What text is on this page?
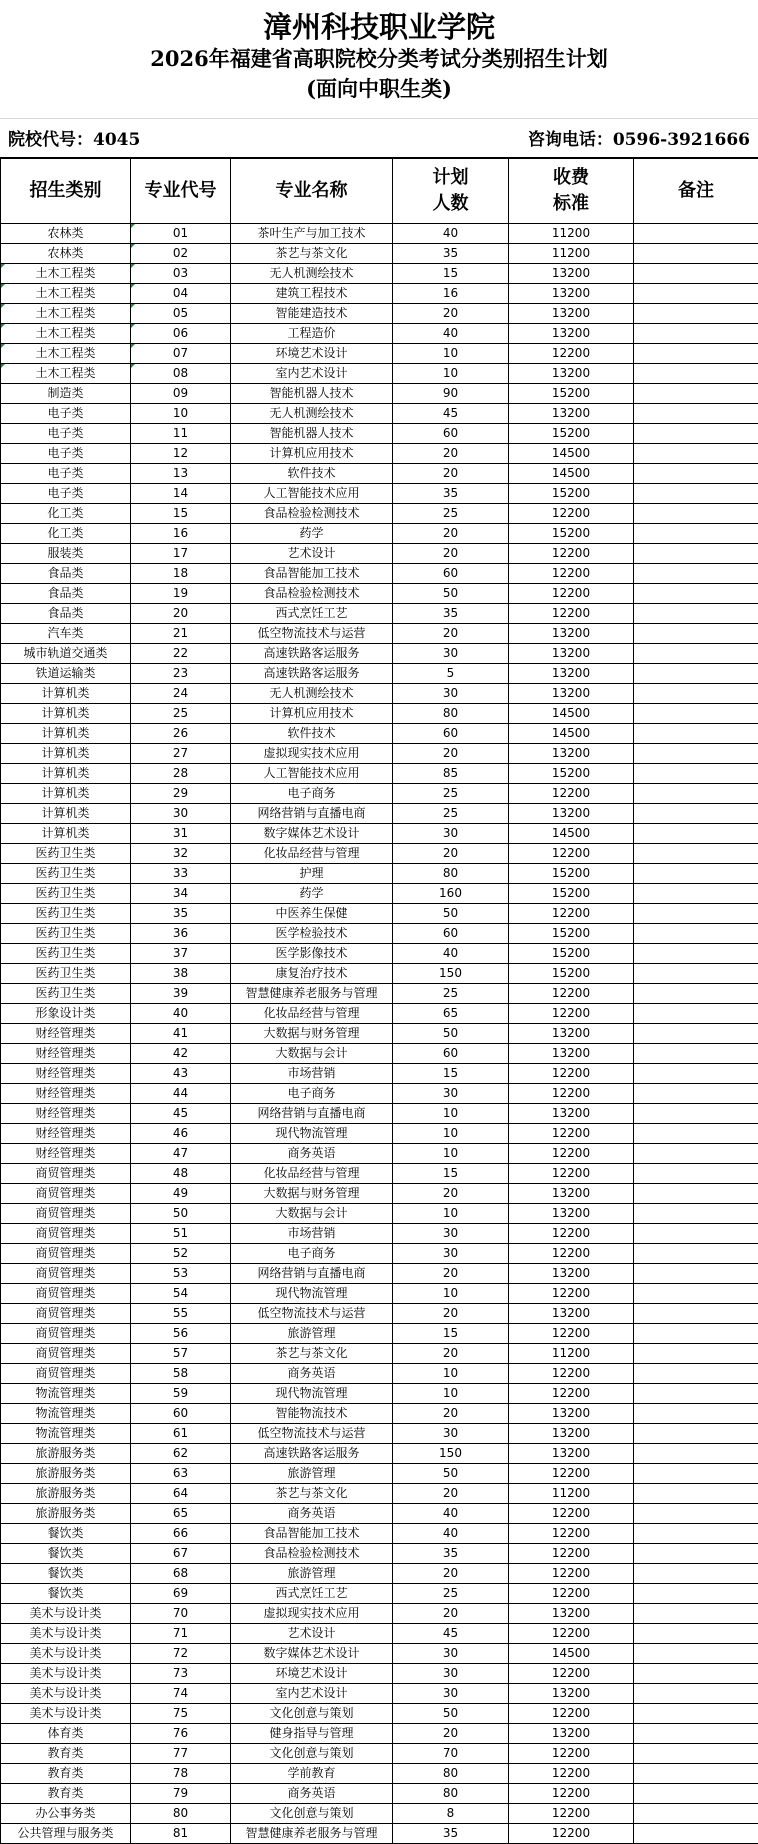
漳州科技职业学院
2026年福建省高职院校分类考试分类别招生计划
(面向中职生类)
院校代号：4045	咨询电话：0596-3921666
招生类别	专业代号	专业名称	计划人数	收费标准	备注
农林类	01	茶叶生产与加工技术	40	11200	
农林类	02	茶艺与茶文化	35	11200	
土木工程类	03	无人机测绘技术	15	13200	
土木工程类	04	建筑工程技术	16	13200	
土木工程类	05	智能建造技术	20	13200	
土木工程类	06	工程造价	40	13200	
土木工程类	07	环境艺术设计	10	12200	
土木工程类	08	室内艺术设计	10	13200	
制造类	09	智能机器人技术	90	15200	
电子类	10	无人机测绘技术	45	13200	
电子类	11	智能机器人技术	60	15200	
电子类	12	计算机应用技术	20	14500	
电子类	13	软件技术	20	14500	
电子类	14	人工智能技术应用	35	15200	
化工类	15	食品检验检测技术	25	12200	
化工类	16	药学	20	15200	
服装类	17	艺术设计	20	12200	
食品类	18	食品智能加工技术	60	12200	
食品类	19	食品检验检测技术	50	12200	
食品类	20	西式烹饪工艺	35	12200	
汽车类	21	低空物流技术与运营	20	13200	
城市轨道交通类	22	高速铁路客运服务	30	13200	
铁道运输类	23	高速铁路客运服务	5	13200	
计算机类	24	无人机测绘技术	30	13200	
计算机类	25	计算机应用技术	80	14500	
计算机类	26	软件技术	60	14500	
计算机类	27	虚拟现实技术应用	20	13200	
计算机类	28	人工智能技术应用	85	15200	
计算机类	29	电子商务	25	12200	
计算机类	30	网络营销与直播电商	25	13200	
计算机类	31	数字媒体艺术设计	30	14500	
医药卫生类	32	化妆品经营与管理	20	12200	
医药卫生类	33	护理	80	15200	
医药卫生类	34	药学	160	15200	
医药卫生类	35	中医养生保健	50	12200	
医药卫生类	36	医学检验技术	60	15200	
医药卫生类	37	医学影像技术	40	15200	
医药卫生类	38	康复治疗技术	150	15200	
医药卫生类	39	智慧健康养老服务与管理	25	12200	
形象设计类	40	化妆品经营与管理	65	12200	
财经管理类	41	大数据与财务管理	50	13200	
财经管理类	42	大数据与会计	60	13200	
财经管理类	43	市场营销	15	12200	
财经管理类	44	电子商务	30	12200	
财经管理类	45	网络营销与直播电商	10	13200	
财经管理类	46	现代物流管理	10	12200	
财经管理类	47	商务英语	10	12200	
商贸管理类	48	化妆品经营与管理	15	12200	
商贸管理类	49	大数据与财务管理	20	13200	
商贸管理类	50	大数据与会计	10	13200	
商贸管理类	51	市场营销	30	12200	
商贸管理类	52	电子商务	30	12200	
商贸管理类	53	网络营销与直播电商	20	13200	
商贸管理类	54	现代物流管理	10	12200	
商贸管理类	55	低空物流技术与运营	20	13200	
商贸管理类	56	旅游管理	15	12200	
商贸管理类	57	茶艺与茶文化	20	11200	
商贸管理类	58	商务英语	10	12200	
物流管理类	59	现代物流管理	10	12200	
物流管理类	60	智能物流技术	20	13200	
物流管理类	61	低空物流技术与运营	30	13200	
旅游服务类	62	高速铁路客运服务	150	13200	
旅游服务类	63	旅游管理	50	12200	
旅游服务类	64	茶艺与茶文化	20	11200	
旅游服务类	65	商务英语	40	12200	
餐饮类	66	食品智能加工技术	40	12200	
餐饮类	67	食品检验检测技术	35	12200	
餐饮类	68	旅游管理	20	12200	
餐饮类	69	西式烹饪工艺	25	12200	
美术与设计类	70	虚拟现实技术应用	20	13200	
美术与设计类	71	艺术设计	45	12200	
美术与设计类	72	数字媒体艺术设计	30	14500	
美术与设计类	73	环境艺术设计	30	12200	
美术与设计类	74	室内艺术设计	30	13200	
美术与设计类	75	文化创意与策划	50	12200	
体育类	76	健身指导与管理	20	13200	
教育类	77	文化创意与策划	70	12200	
教育类	78	学前教育	80	12200	
教育类	79	商务英语	80	12200	
办公事务类	80	文化创意与策划	8	12200	
公共管理与服务类	81	智慧健康养老服务与管理	35	12200	
